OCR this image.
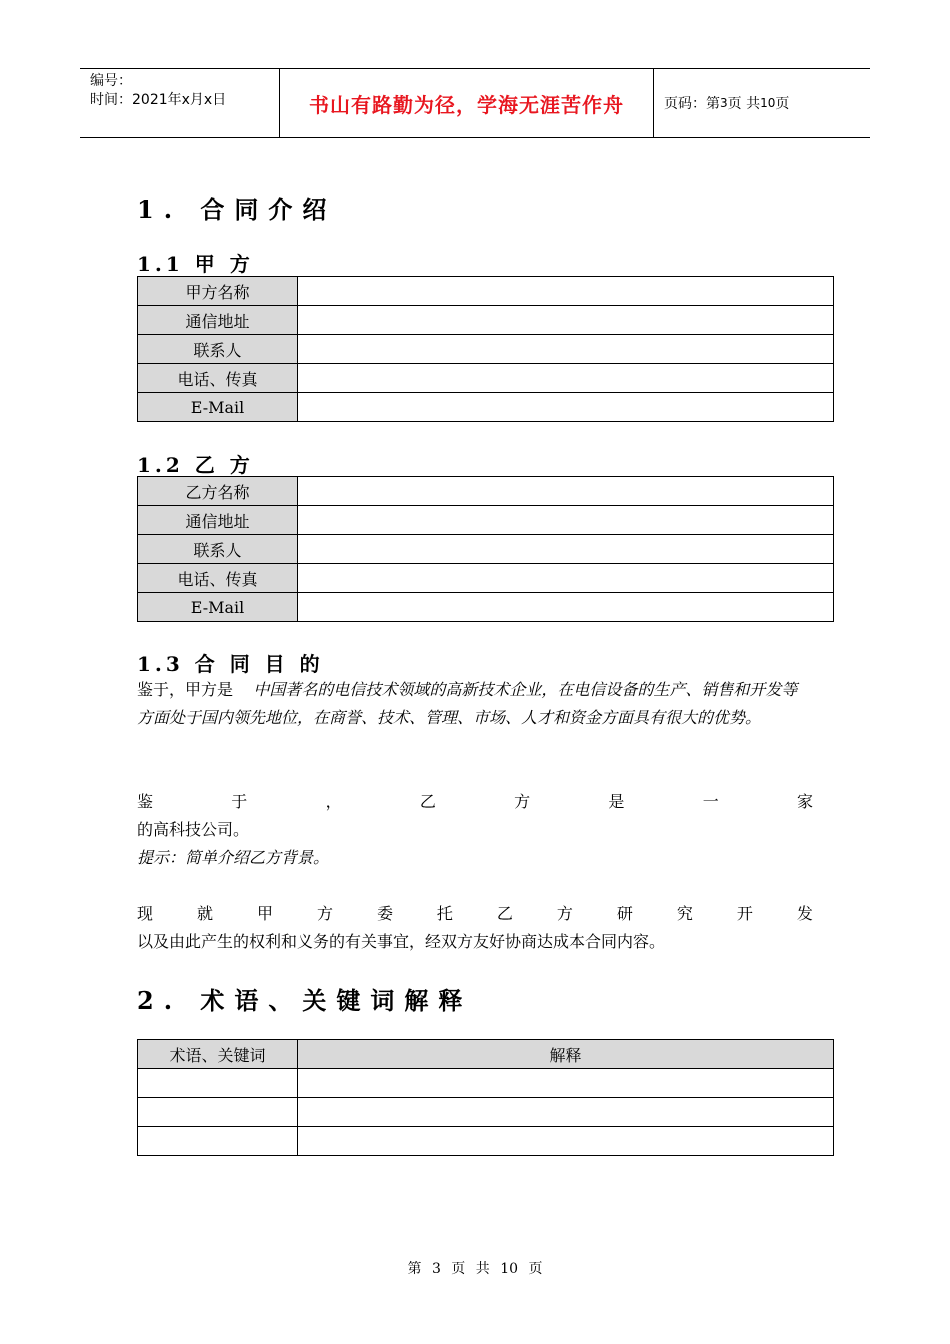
编号：
时间：2021年x月x日	书山有路勤为径，学海无涯苦作舟	页码：第 3 页 共 10 页
1. 合同介绍
1.1 甲 方
甲方名称	
通信地址	
联系人	
电话、传真	
E-Mail	
1.2 乙 方
乙方名称	
通信地址	
联系人	
电话、传真	
E-Mail	
1.3 合 同 目 的

鉴于，甲方是 中国著名的电信技术领域的高新技术企业，在电信设备的生产、销售和开发等方面处于国内领先地位，在商誉、技术、管理、市场、人才和资金方面具有很大的优势。

鉴	于	，	乙	方	是	一	家
的高科技公司。
提示：简单介绍乙方背景。
现	就	甲	方	委	托	乙	方	研	究	开	发
以及由此产生的权利和义务的有关事宜，经双方友好协商达成本合同内容。
2. 术语、关键词解释
术语、关键词	解释

第 3 页 共 10 页
